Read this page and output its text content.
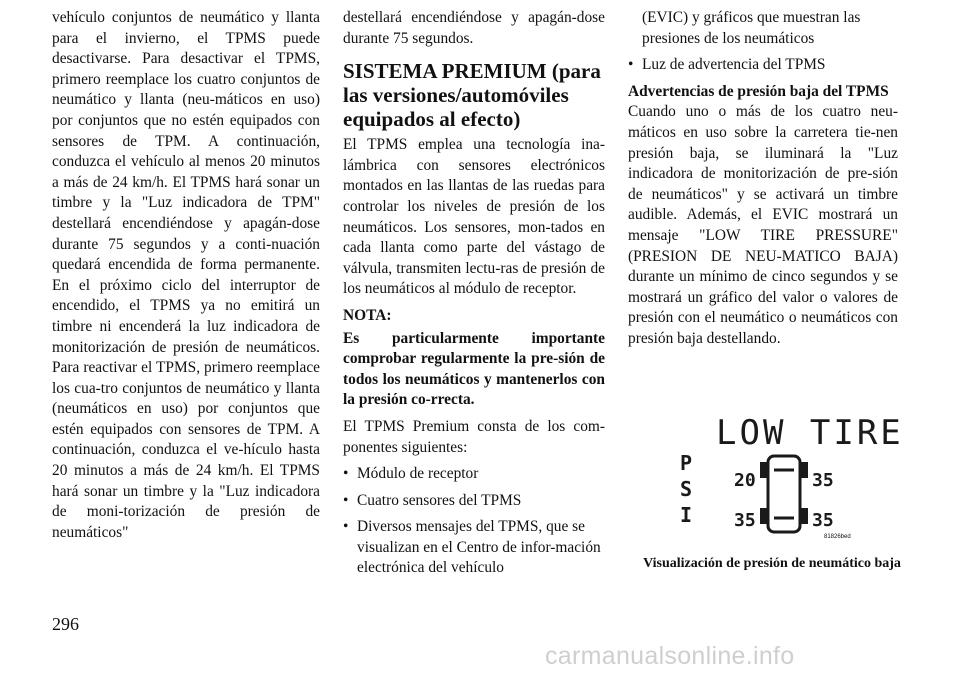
vehículo conjuntos de neumático y llanta para el invierno, el TPMS puede desactivarse. Para desactivar el TPMS, primero reemplace los cuatro conjuntos de neumático y llanta (neu-máticos en uso) por conjuntos que no estén equipados con sensores de TPM. A continuación, conduzca el vehículo al menos 20 minutos a más de 24 km/h. El TPMS hará sonar un timbre y la "Luz indicadora de TPM" destellará encendiéndose y apagán-dose durante 75 segundos y a conti-nuación quedará encendida de forma permanente. En el próximo ciclo del interruptor de encendido, el TPMS ya no emitirá un timbre ni encenderá la luz indicadora de monitorización de presión de neumáticos. Para reactivar el TPMS, primero reemplace los cua-tro conjuntos de neumático y llanta (neumáticos en uso) por conjuntos que estén equipados con sensores de TPM. A continuación, conduzca el ve-hículo hasta 20 minutos a más de 24 km/h. El TPMS hará sonar un timbre y la "Luz indicadora de moni-torización de presión de neumáticos"

destellará encendiéndose y apagán-dose durante 75 segundos.

SISTEMA PREMIUM (para las versiones/automóviles equipados al efecto)

El TPMS emplea una tecnología ina-lámbrica con sensores electrónicos montados en las llantas de las ruedas para controlar los niveles de presión de los neumáticos. Los sensores, mon-tados en cada llanta como parte del vástago de válvula, transmiten lectu-ras de presión de los neumáticos al módulo de receptor.

NOTA:

Es particularmente importante comprobar regularmente la pre-sión de todos los neumáticos y mantenerlos con la presión co-rrecta.

El TPMS Premium consta de los com-ponentes siguientes:

• Módulo de receptor
• Cuatro sensores del TPMS
• Diversos mensajes del TPMS, que se visualizan en el Centro de infor-mación electrónica del vehículo

(EVIC) y gráficos que muestran las presiones de los neumáticos

• Luz de advertencia del TPMS
Advertencias de presión baja del TPMS

Cuando uno o más de los cuatro neu-máticos en uso sobre la carretera tie-nen presión baja, se iluminará la "Luz indicadora de monitorización de pre-sión de neumáticos" y se activará un timbre audible. Además, el EVIC mostrará un mensaje "LOW TIRE PRESSURE" (PRESION DE NEU-MATICO BAJA) durante un mínimo de cinco segundos y se mostrará un gráfico del valor o valores de presión con el neumático o neumáticos con presión baja destellando.

LOW TIRE
P
S
I
20	35
35	35
81826bed
Visualización de presión de neumático baja
296
carmanualsonline.info
